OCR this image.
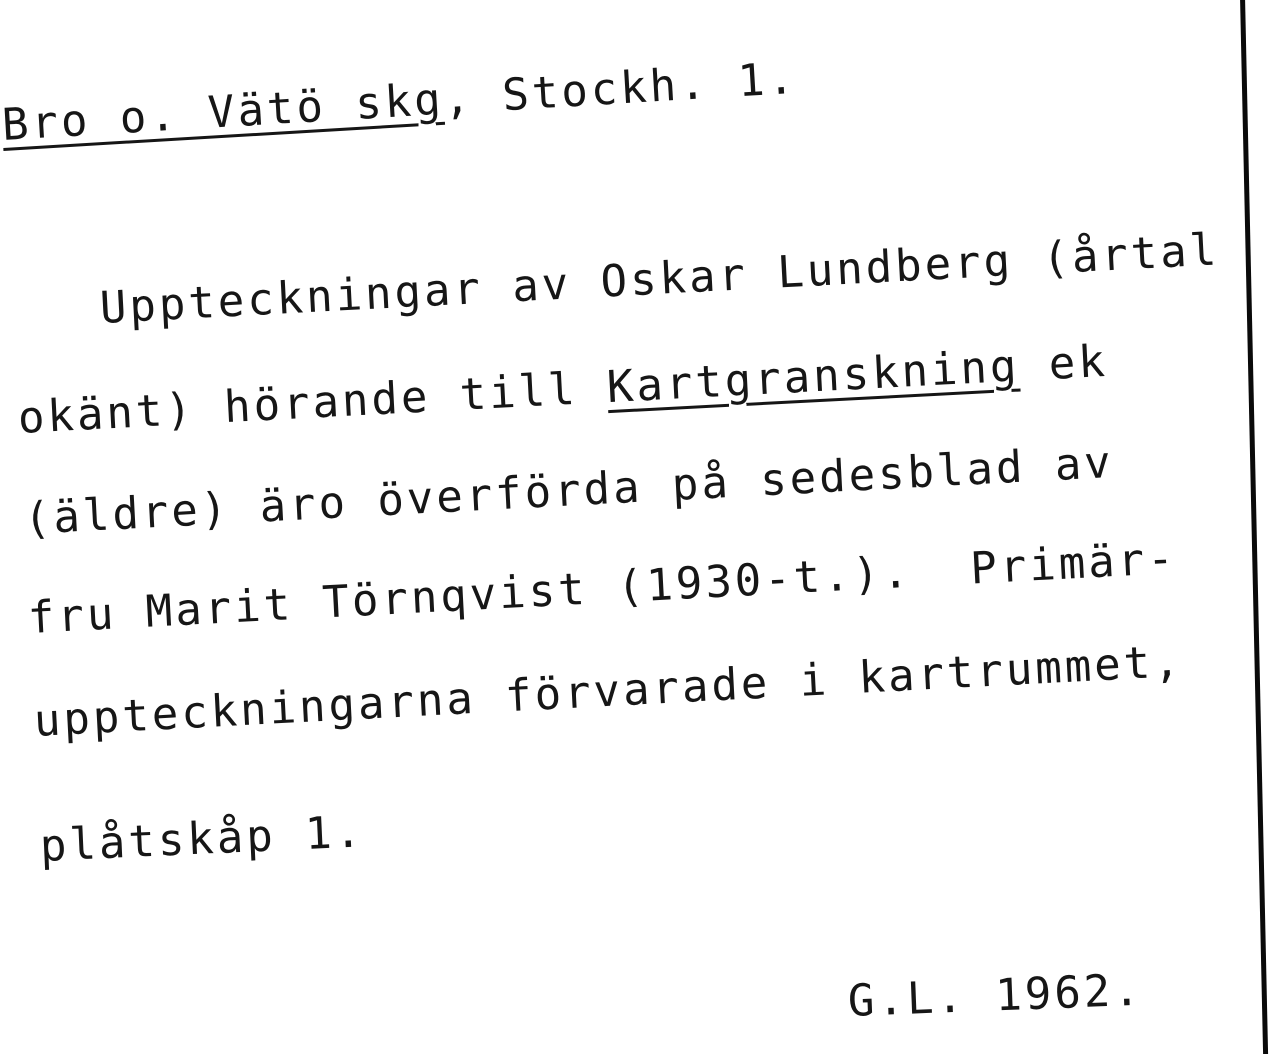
Bro o. Vätö skg, Stockh. 1.
Uppteckningar av Oskar Lundberg (årtal
okänt) hörande till Kartgranskning ek
(äldre) äro överförda på sedesblad av
fru Marit Törnqvist (1930-t.).  Primär-
uppteckningarna förvarade i kartrummet,
plåtskåp 1.
G.L. 1962.
